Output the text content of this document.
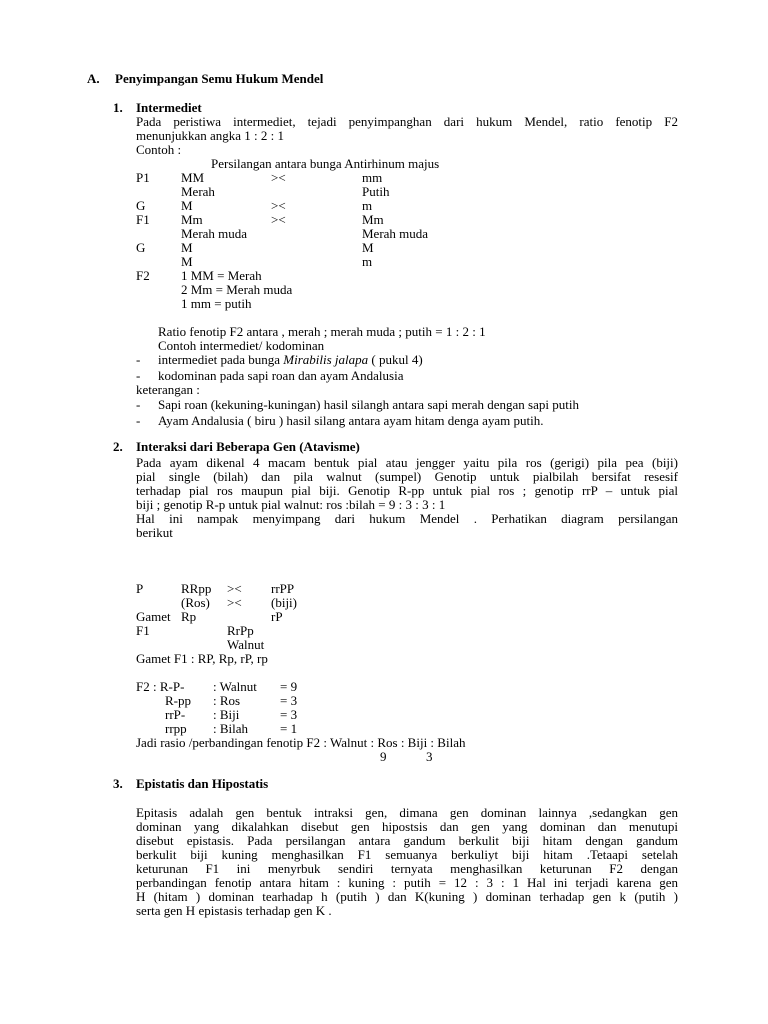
A. Penyimpangan Semu Hukum Mendel
1. Intermediet
Pada peristiwa intermediet, tejadi penyimpanghan dari hukum Mendel, ratio fenotip F2
menunjukkan angka 1 : 2 : 1
Contoh :
Persilangan antara bunga Antirhinum majus
P1 MM	><	mm
Merah	Putih
G	M	><	m
F1 Mm	><	Mm
Merah muda	Merah muda
G	M	M
M	m
F2 1 MM = Merah
2 Mm = Merah muda
1 mm = putih
Ratio fenotip F2 antara , merah ; merah muda ; putih = 1 : 2 : 1
Contoh intermediet/ kodominan
- intermediet pada bunga Mirabilis jalapa ( pukul 4)
- kodominan pada sapi roan dan ayam Andalusia
keterangan :
- Sapi roan (kekuning-kuningan) hasil silangh antara sapi merah dengan sapi putih
- Ayam Andalusia ( biru ) hasil silang antara ayam hitam denga ayam putih.
2. Interaksi dari Beberapa Gen (Atavisme)
Pada ayam dikenal 4 macam bentuk pial atau jengger yaitu pila ros (gerigi) pila pea (biji)
pial single (bilah) dan pila walnut (sumpel) Genotip untuk pialbilah bersifat resesif
terhadap pial ros maupun pial biji. Genotip R-pp untuk pial ros ; genotip rrP – untuk pial
biji ; genotip R-p untuk pial walnut: ros :bilah = 9 : 3 : 3 : 1
Hal ini nampak menyimpang dari hukum Mendel . Perhatikan diagram persilangan
berikut
P	RRpp >< rrPP
(Ros) >< (biji)
Gamet Rp	rP
F1	RrPp
Walnut
Gamet F1 : RP, Rp, rP, rp
F2 : R-P- : Walnut = 9
R-pp : Ros	= 3
rrP- : Biji	= 3
rrpp : Bilah = 1
Jadi rasio /perbandingan fenotip F2 : Walnut : Ros : Biji : Bilah
9	3
3. Epistatis dan Hipostatis
Epitasis adalah gen bentuk intraksi gen, dimana gen dominan lainnya ,sedangkan gen
dominan yang dikalahkan disebut gen hipostsis dan gen yang dominan dan menutupi
disebut epistasis. Pada persilangan antara gandum berkulit biji hitam dengan gandum
berkulit biji kuning menghasilkan F1 semuanya berkuliyt biji hitam .Tetaapi setelah
keturunan F1 ini menyrbuk sendiri ternyata menghasilkan keturunan F2 dengan
perbandingan fenotip antara hitam : kuning : putih = 12 : 3 : 1 Hal ini terjadi karena gen
H (hitam ) dominan tearhadap h (putih ) dan K(kuning ) dominan terhadap gen k (putih )
serta gen H epistasis terhadap gen K .
